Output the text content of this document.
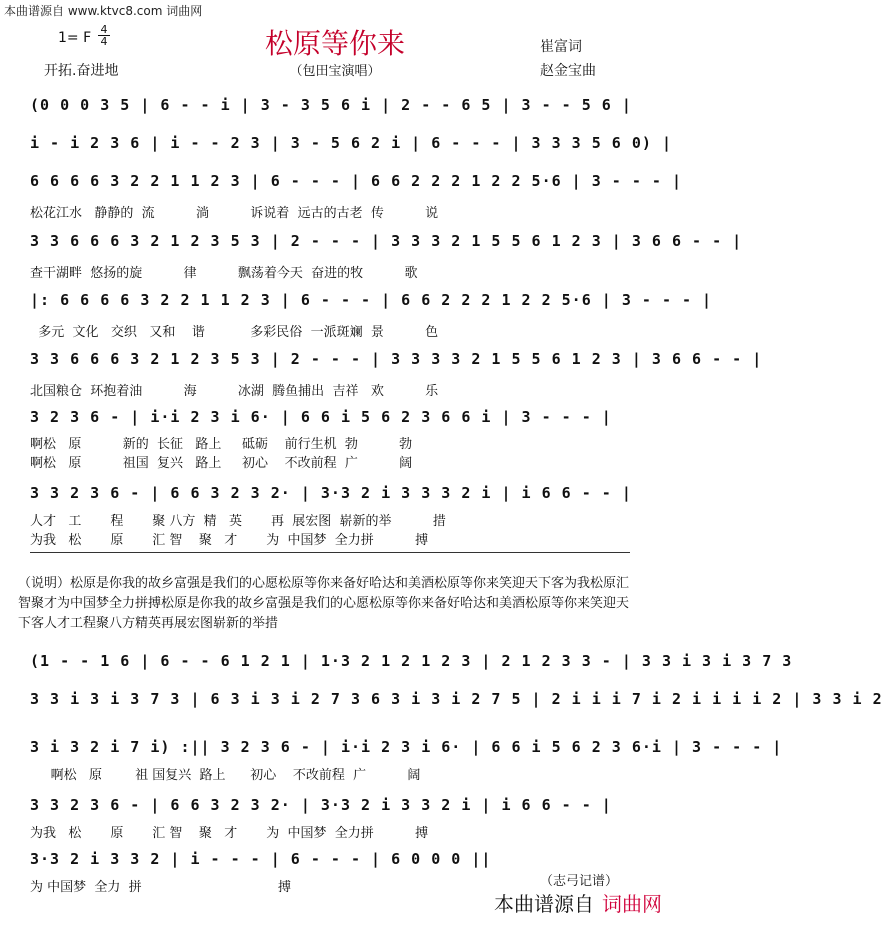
本曲谱源自 www.ktvc8.com 词曲网
1= F
4
4	松原等你来
（包田宝演唱）
开拓.奋进地
崔富词
赵金宝曲
(0 0 0 3 5 | 6 - - i | 3 - 3 5 6 i | 2 - - 6 5 | 3 - - 5 6 |
i - i 2 3 6 | i - - 2 3 | 3 - 5 6 2 i | 6 - - - | 3 3 3 5 6 0) |
6 6 6 6 3 2 2 1 1 2 3 | 6 - - - | 6 6 2 2 2 1 2 2 5·6 | 3 - - - |
松花江水   静静的  流          淌          诉说着  远古的古老  传          说
3 3 6 6 6 3 2 1 2 3 5 3 | 2 - - - | 3 3 3 2 1 5 5 6 1 2 3 | 3 6 6 - - |
查干湖畔  悠扬的旋          律          飘荡着今天  奋进的牧          歌
|: 6 6 6 6 3 2 2 1 1 2 3 | 6 - - - | 6 6 2 2 2 1 2 2 5·6 | 3 - - - |
多元  文化   交织   又和    谐           多彩民俗  一派斑斓  景          色
3 3 6 6 6 3 2 1 2 3 5 3 | 2 - - - | 3 3 3 3 2 1 5 5 6 1 2 3 | 3 6 6 - - |
北国粮仓  环抱着油          海          冰湖  腾鱼捕出  吉祥   欢          乐
3 2 3 6 - | i·i 2 3 i 6· | 6 6 i 5 6 2 3 6 6 i | 3 - - - |
啊松   原          新的  长征   路上     砥砺    前行生机  勃          勃
啊松   原          祖国  复兴   路上     初心    不改前程  广          阔
3 3 2 3 6 - | 6 6 3 2 3 2· | 3·3 2 i 3 3 3 2 i | i 6 6 - - |
人才   工       程       聚 八方  精   英       再  展宏图  崭新的举          措
为我   松       原       汇 智    聚   才       为  中国梦  全力拼          搏
（说明）松原是你我的故乡富强是我们的心愿松原等你来备好哈达和美酒松原等你来笑迎天下客为我松原汇智聚才为中国梦全力拼搏松原是你我的故乡富强是我们的心愿松原等你来备好哈达和美酒松原等你来笑迎天下客人才工程聚八方精英再展宏图崭新的举措
(1 - - 1 6 | 6 - - 6 1 2 1 | 1·3 2 1 2 1 2 3 | 2 1 2 3 3 - | 3 3 i 3 i 3 7 3
3 3 i 3 i 3 7 3 | 6 3 i 3 i 2 7 3 6 3 i 3 i 2 7 5 | 2 i i i 7 i 2 i i i i 2 | 3 3 i 2
3 i 3 2 i 7 i) :|| 3 2 3 6 - | i·i 2 3 i 6· | 6 6 i 5 6 2 3 6·i | 3 - - - |
啊松   原        祖 国复兴  路上      初心    不改前程  广          阔
3 3 2 3 6 - | 6 6 3 2 3 2· | 3·3 2 i 3 3 2 i | i 6 6 - - |
为我   松       原       汇 智    聚   才       为  中国梦  全力拼          搏
3·3 2 i 3 3 2 | i - - - | 6 - - - | 6 0 0 0 ||
为 中国梦  全力  拼                                 搏	（志弓记谱）
本曲谱源自 词曲网
